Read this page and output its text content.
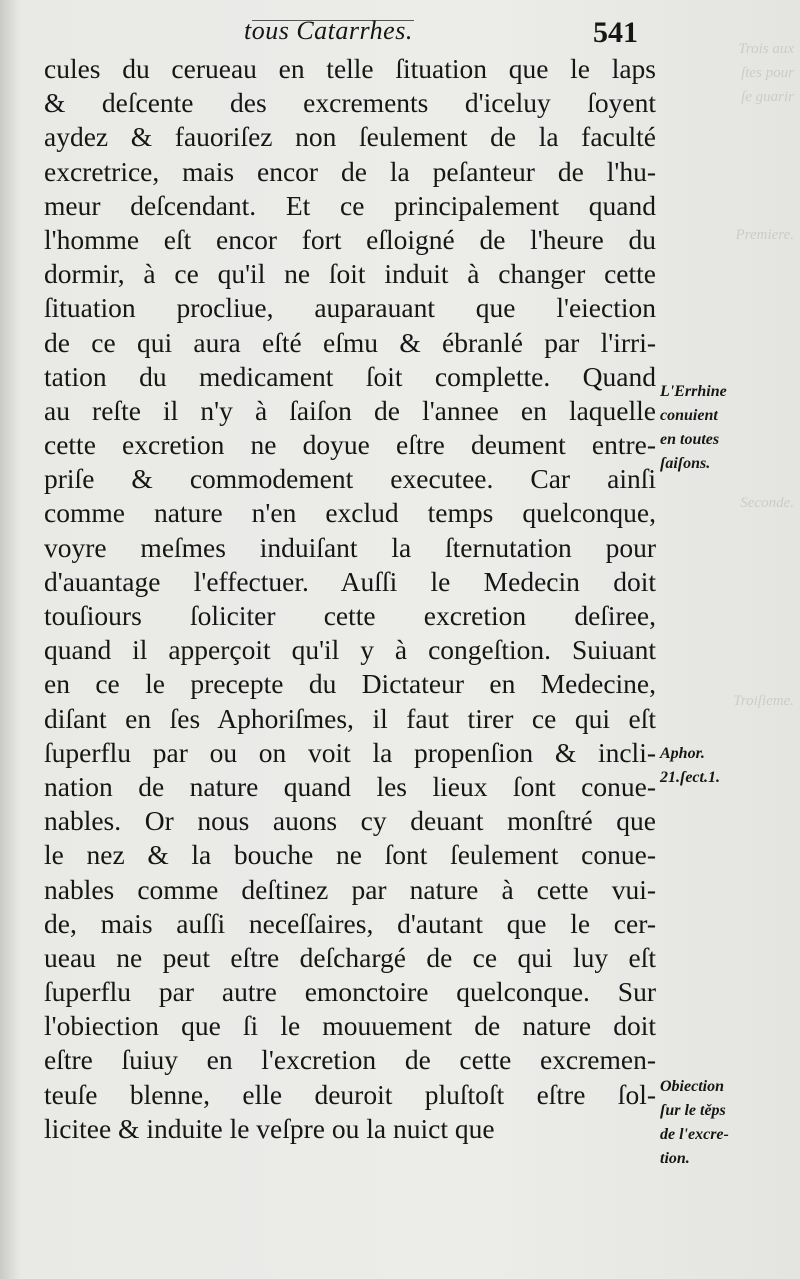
Trois aux
ſtes pour
ſe guarir
Premiere.
Seconde.
Troiſieme.
tous Catarrhes.	541
cules du cerueau en telle ſituation que le laps
& deſcente des excrements d'iceluy ſoyent
aydez & fauoriſez non ſeulement de la faculté
excretrice, mais encor de la peſanteur de l'hu-
meur deſcendant. Et ce principalement quand
l'homme eſt encor fort eſloigné de l'heure du
dormir, à ce qu'il ne ſoit induit à changer cette
ſituation procliue, auparauant que l'eiection
de ce qui aura eſté eſmu & ébranlé par l'irri-
tation du medicament ſoit complette. Quand
au reſte il n'y à ſaiſon de l'annee en laquelle
cette excretion ne doyue eſtre deument entre-
priſe & commodement executee. Car ainſi
comme nature n'en exclud temps quelconque,
voyre meſmes induiſant la ſternutation pour
d'auantage l'effectuer. Auſſi le Medecin doit
touſiours ſoliciter cette excretion deſiree,
quand il apperçoit qu'il y à congeſtion. Suiuant
en ce le precepte du Dictateur en Medecine,
diſant en ſes Aphoriſmes, il faut tirer ce qui eſt
ſuperflu par ou on voit la propenſion & incli-
nation de nature quand les lieux ſont conue-
nables. Or nous auons cy deuant monſtré que
le nez & la bouche ne ſont ſeulement conue-
nables comme deſtinez par nature à cette vui-
de, mais auſſi neceſſaires, d'autant que le cer-
ueau ne peut eſtre deſchargé de ce qui luy eſt
ſuperflu par autre emonctoire quelconque. Sur
l'obiection que ſi le mouuement de nature doit
eſtre ſuiuy en l'excretion de cette excremen-
teuſe blenne, elle deuroit pluſtoſt eſtre ſol-
licitee & induite le veſpre ou la nuict que
L'Errhine
conuient
en toutes
ſaiſons.
Aphor.
21.ſect.1.
Obiection
ſur le těps
de l'excre-
tion.
